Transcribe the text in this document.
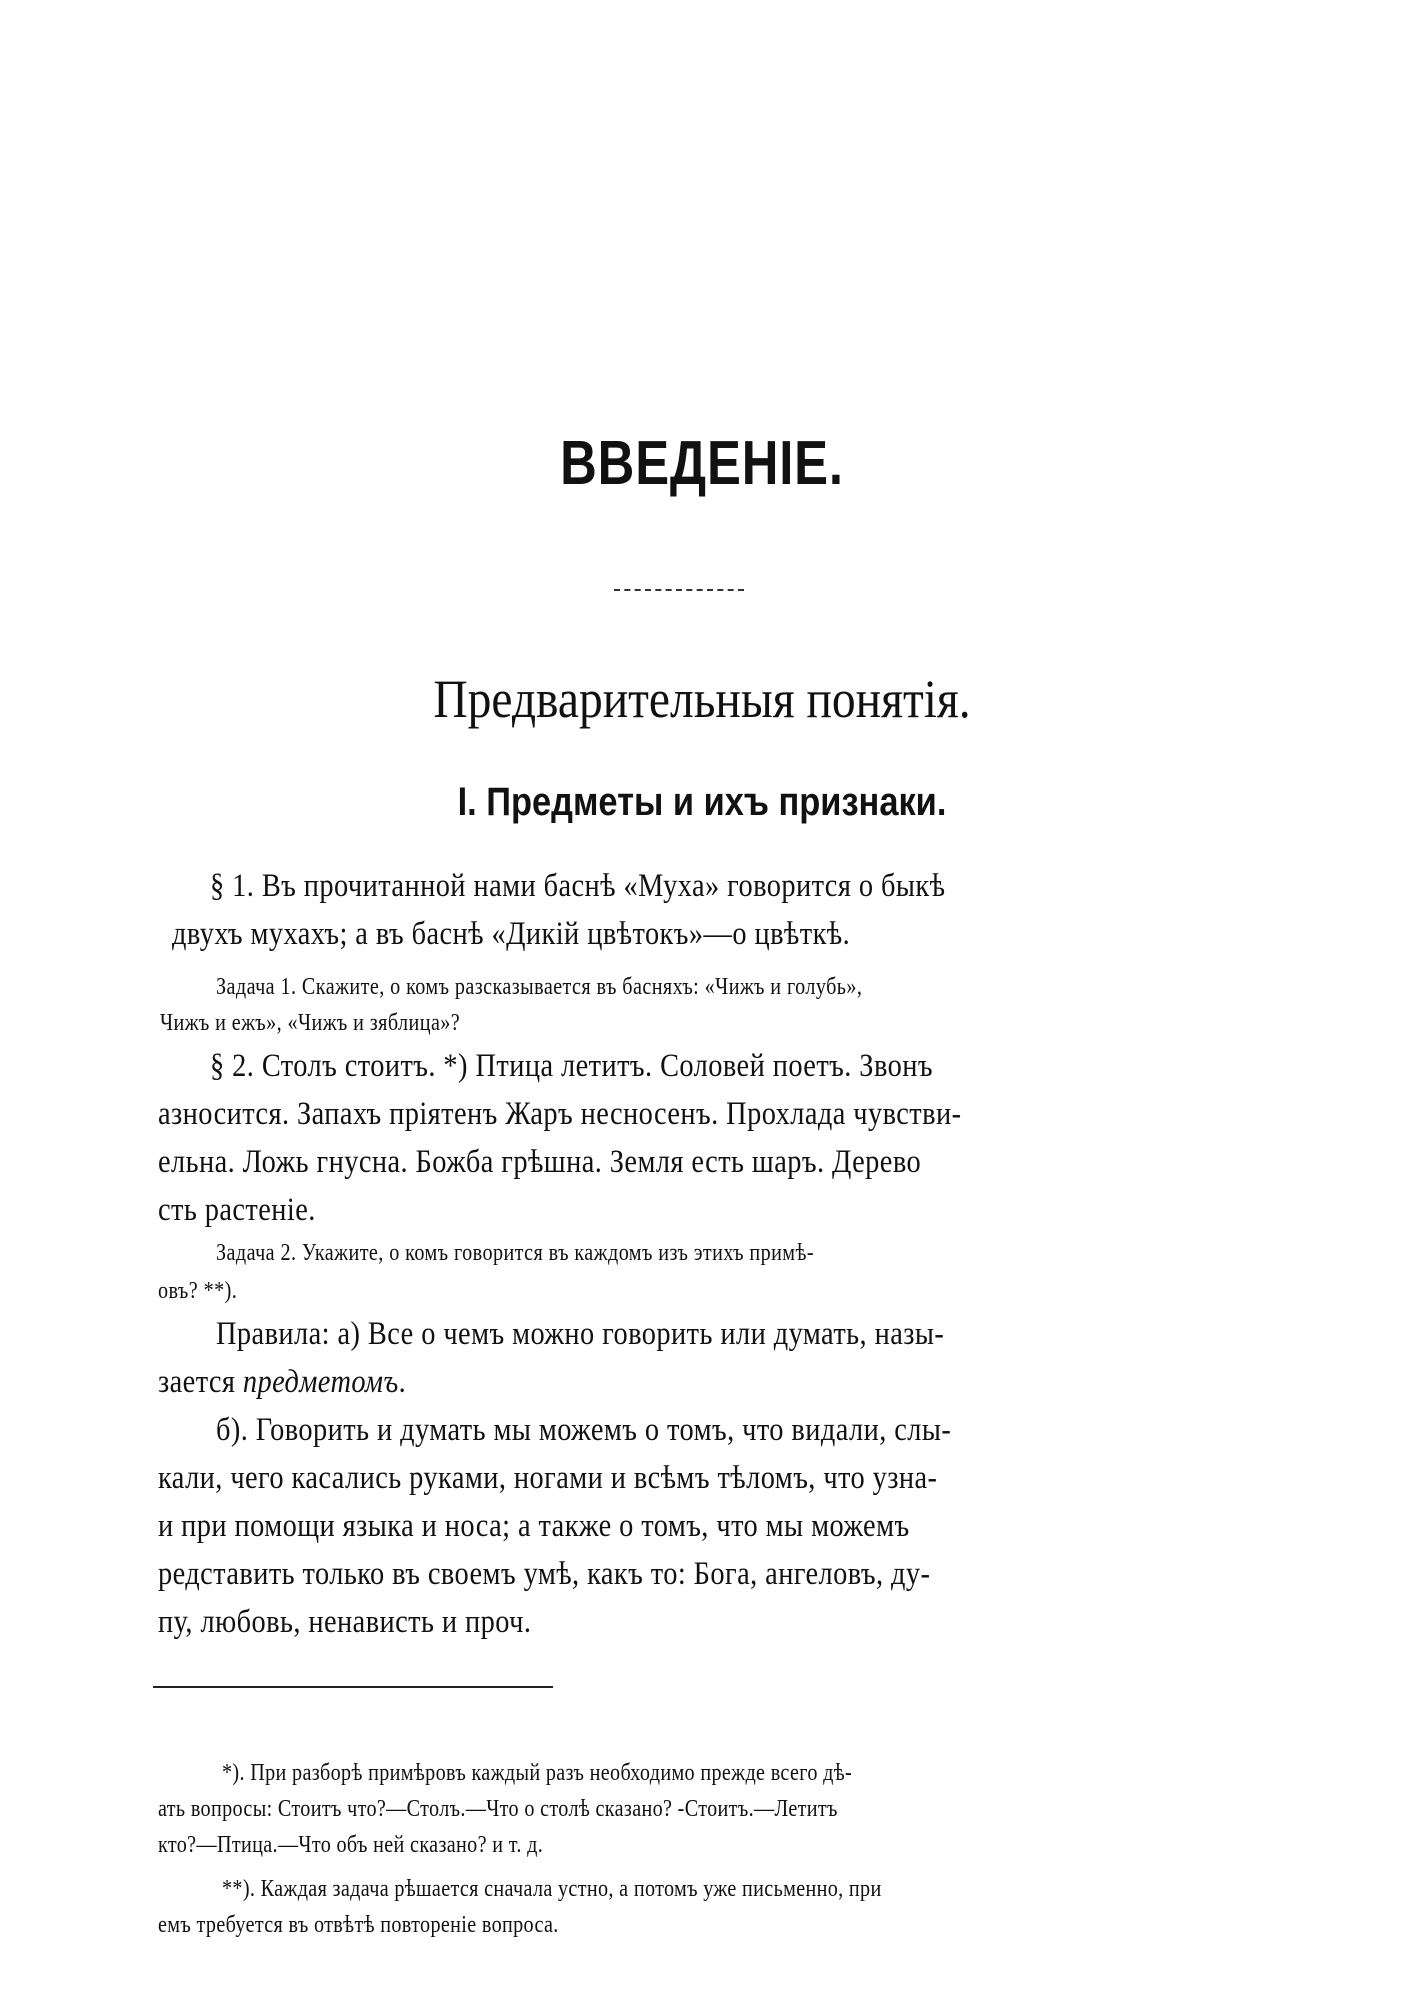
ВВЕДЕНІЕ.
Предварительныя понятія.
I. Предметы и ихъ признаки.
§ 1. Въ прочитанной нами баснѣ «Муха» говорится о быкѣ
двухъ мухахъ; а въ баснѣ «Дикій цвѣтокъ»—о цвѣткѣ.
Задача 1. Скажите, о комъ разсказывается въ басняхъ: «Чижъ и голубь»,
Чижъ и ежъ», «Чижъ и зяблица»?
§ 2. Столъ стоитъ. *) Птица летитъ. Соловей поетъ. Звонъ
азносится. Запахъ пріятенъ Жаръ несносенъ. Прохлада чувстви-
ельна. Ложь гнусна. Божба грѣшна. Земля есть шаръ. Дерево
сть растеніе.
Задача 2. Укажите, о комъ говорится въ каждомъ изъ этихъ примѣ-
овъ? **).
Правила: а) Все о чемъ можно говорить или думать, назы-
зается предметомъ.
б). Говорить и думать мы можемъ о томъ, что видали, слы-
кали, чего касались руками, ногами и всѣмъ тѣломъ, что узна-
и при помощи языка и носа; а также о томъ, что мы можемъ
редставить только въ своемъ умѣ, какъ то: Бога, ангеловъ, ду-
пу, любовь, ненависть и проч.
*). При разборѣ примѣровъ каждый разъ необходимо прежде всего дѣ-
ать вопросы: Стоитъ что?—Столъ.—Что о столѣ сказано? -Стоитъ.—Летитъ
кто?—Птица.—Что объ ней сказано? и т. д.
**). Каждая задача рѣшается сначала устно, а потомъ уже письменно, при
емъ требуется въ отвѣтѣ повтореніе вопроса.
